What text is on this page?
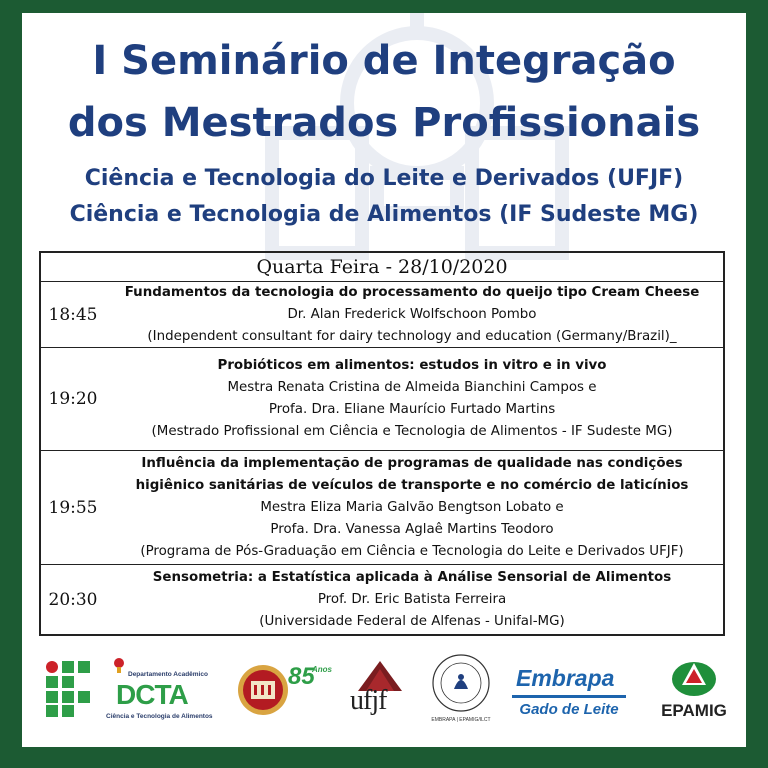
I Seminário de Integração
dos Mestrados Profissionais
Ciência e Tecnologia do Leite e Derivados (UFJF)
Ciência e Tecnologia de Alimentos (IF Sudeste MG)
Quarta Feira - 28/10/2020
18:45
Fundamentos da tecnologia do processamento do queijo tipo Cream Cheese
Dr. Alan Frederick Wolfschoon Pombo
(Independent consultant for dairy technology and education (Germany/Brazil)_
19:20
Probióticos em alimentos: estudos in vitro e in vivo
Mestra Renata Cristina de Almeida Bianchini Campos e
Profa. Dra. Eliane Maurício Furtado Martins
(Mestrado Profissional em Ciência e Tecnologia de Alimentos - IF Sudeste MG)
19:55
Influência da implementação de programas de qualidade nas condições
higiênico sanitárias de veículos de transporte e no comércio de laticínios
Mestra Eliza Maria Galvão Bengtson Lobato e
Profa. Dra. Vanessa Aglaê Martins Teodoro
(Programa de Pós-Graduação em Ciência e Tecnologia do Leite e Derivados UFJF)
20:30
Sensometria: a Estatística aplicada à Análise Sensorial de Alimentos
Prof. Dr. Eric Batista Ferreira
(Universidade Federal de Alfenas - Unifal-MG)
Departamento Acadêmico
DCTA
Ciência e Tecnologia de Alimentos
85
Anos
ufjf
EMBRAPA | EPAMIG/ILCT
Embrapa
Gado de Leite	EPAMIG
